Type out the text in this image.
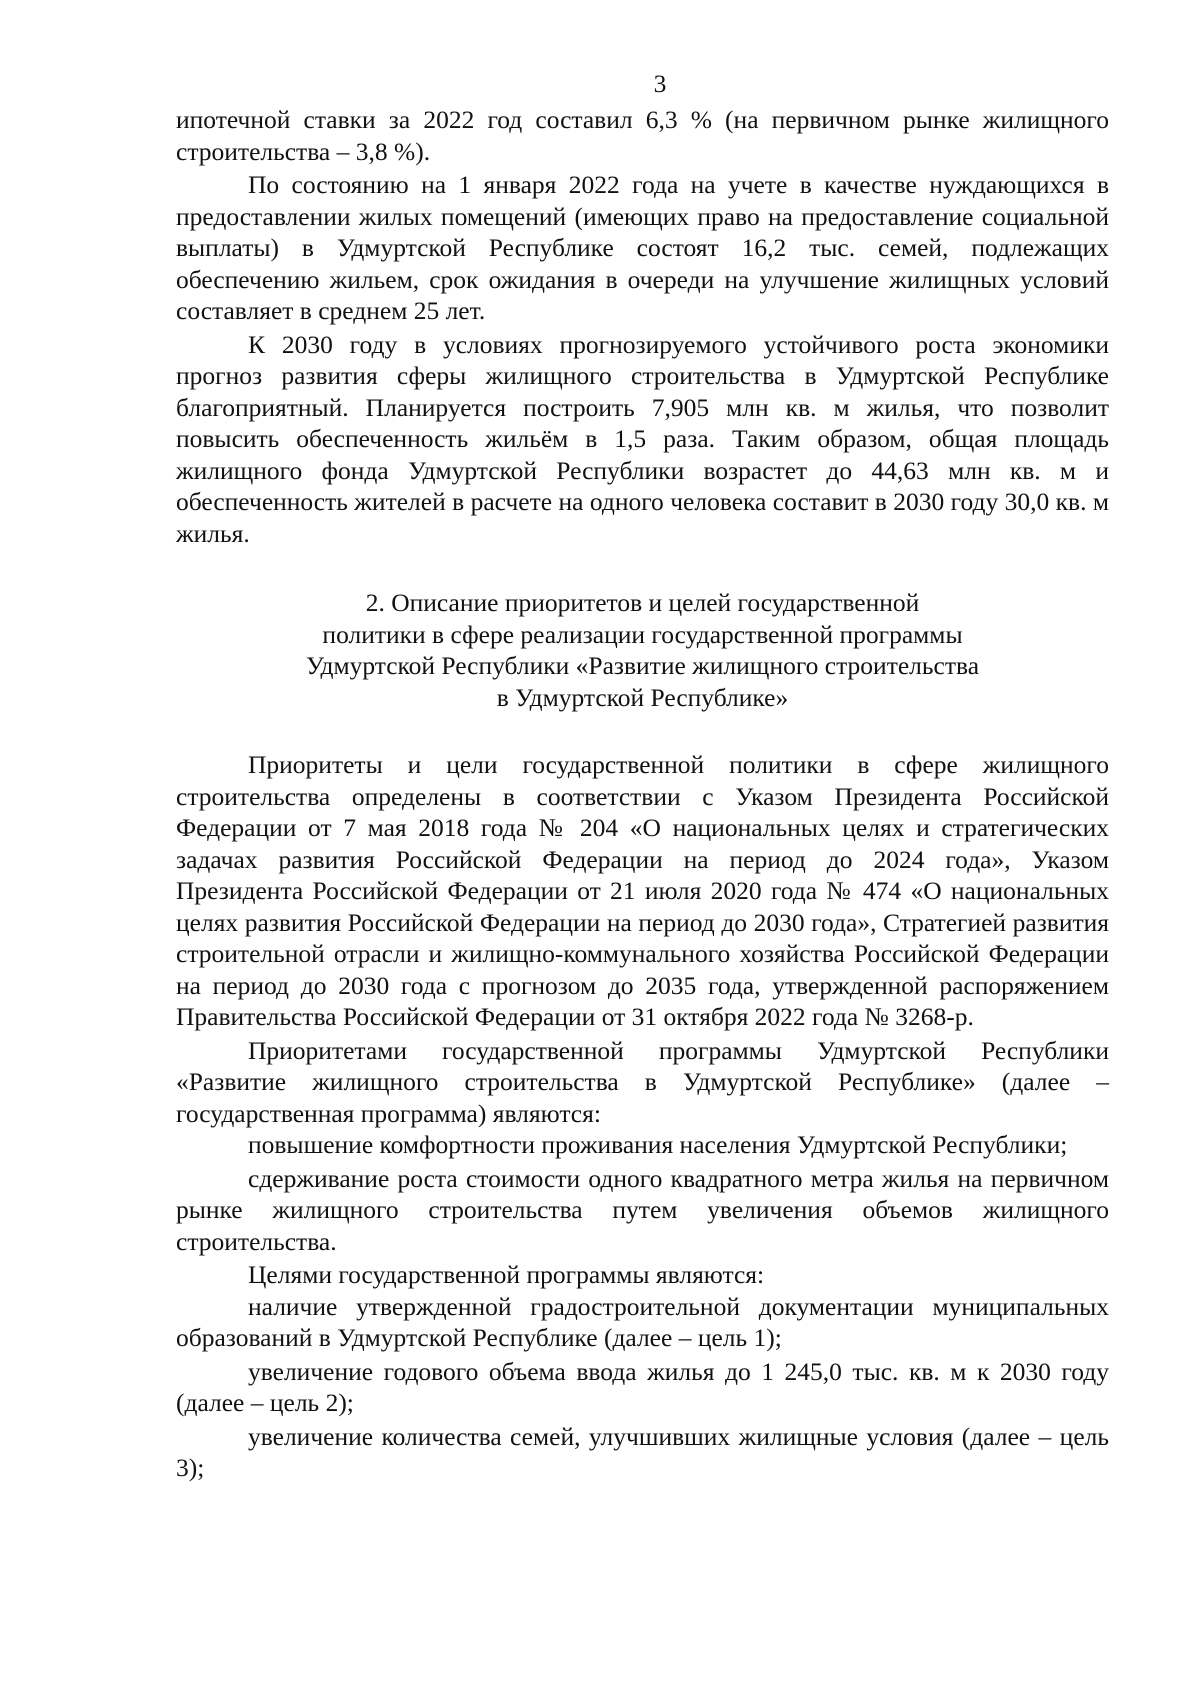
3

ипотечной ставки за 2022 год составил 6,3 % (на первичном рынке жилищного строительства – 3,8 %).

По состоянию на 1 января 2022 года на учете в качестве нуждающихся в предоставлении жилых помещений (имеющих право на предоставление социальной выплаты) в Удмуртской Республике состоят 16,2 тыс. семей, подлежащих обеспечению жильем, срок ожидания в очереди на улучшение жилищных условий составляет в среднем 25 лет.

К 2030 году в условиях прогнозируемого устойчивого роста экономики прогноз развития сферы жилищного строительства в Удмуртской Республике благоприятный. Планируется построить 7,905 млн кв. м жилья, что позволит повысить обеспеченность жильём в 1,5 раза. Таким образом, общая площадь жилищного фонда Удмуртской Республики возрастет до 44,63 млн кв. м и обеспеченность жителей в расчете на одного человека составит в 2030 году 30,0 кв. м жилья.

2. Описание приоритетов и целей государственной
политики в сфере реализации государственной программы
Удмуртской Республики «Развитие жилищного строительства
в Удмуртской Республике»

Приоритеты и цели государственной политики в сфере жилищного строительства определены в соответствии с Указом Президента Российской Федерации от 7 мая 2018 года № 204 «О национальных целях и стратегических задачах развития Российской Федерации на период до 2024 года», Указом Президента Российской Федерации от 21 июля 2020 года № 474 «О национальных целях развития Российской Федерации на период до 2030 года», Стратегией развития строительной отрасли и жилищно-коммунального хозяйства Российской Федерации на период до 2030 года с прогнозом до 2035 года, утвержденной распоряжением Правительства Российской Федерации от 31 октября 2022 года № 3268-р.

Приоритетами государственной программы Удмуртской Республики «Развитие жилищного строительства в Удмуртской Республике» (далее – государственная программа) являются:

повышение комфортности проживания населения Удмуртской Республики;

сдерживание роста стоимости одного квадратного метра жилья на первичном рынке жилищного строительства путем увеличения объемов жилищного строительства.

Целями государственной программы являются:

наличие утвержденной градостроительной документации муниципальных образований в Удмуртской Республике (далее – цель 1);

увеличение годового объема ввода жилья до 1 245,0 тыс. кв. м к 2030 году (далее – цель 2);

увеличение количества семей, улучшивших жилищные условия (далее – цель 3);
